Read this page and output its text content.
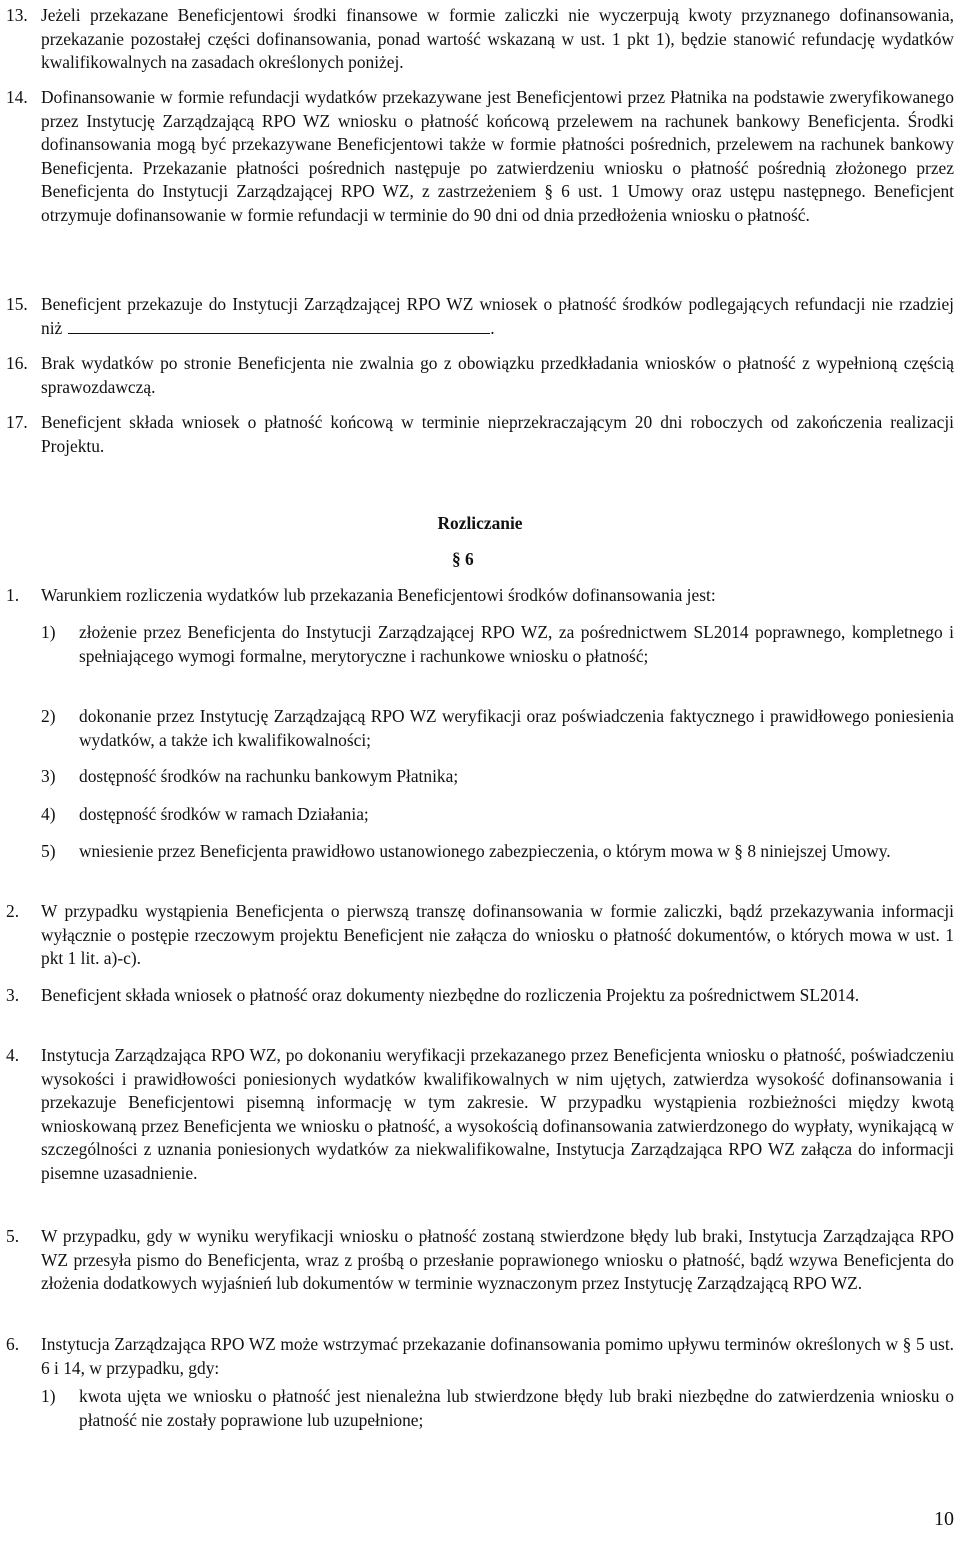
13. Jeżeli przekazane Beneficjentowi środki finansowe w formie zaliczki nie wyczerpują kwoty przyznanego dofinansowania, przekazanie pozostałej części dofinansowania, ponad wartość wskazaną w ust. 1 pkt 1), będzie stanowić refundację wydatków kwalifikowalnych na zasadach określonych poniżej.
14. Dofinansowanie w formie refundacji wydatków przekazywane jest Beneficjentowi przez Płatnika na podstawie zweryfikowanego przez Instytucję Zarządzającą RPO WZ wniosku o płatność końcową przelewem na rachunek bankowy Beneficjenta. Środki dofinansowania mogą być przekazywane Beneficjentowi także w formie płatności pośrednich, przelewem na rachunek bankowy Beneficjenta. Przekazanie płatności pośrednich następuje po zatwierdzeniu wniosku o płatność pośrednią złożonego przez Beneficjenta do Instytucji Zarządzającej RPO WZ, z zastrzeżeniem § 6 ust. 1 Umowy oraz ustępu następnego. Beneficjent otrzymuje dofinansowanie w formie refundacji w terminie do 90 dni od dnia przedłożenia wniosku o płatność.
15. Beneficjent przekazuje do Instytucji Zarządzającej RPO WZ wniosek o płatność środków podlegających refundacji nie rzadziej niż	.
16. Brak wydatków po stronie Beneficjenta nie zwalnia go z obowiązku przedkładania wniosków o płatność z wypełnioną częścią sprawozdawczą.
17. Beneficjent składa wniosek o płatność końcową w terminie nieprzekraczającym 20 dni roboczych od zakończenia realizacji Projektu.
Rozliczanie
§ 6
1. Warunkiem rozliczenia wydatków lub przekazania Beneficjentowi środków dofinansowania jest:
1) złożenie przez Beneficjenta do Instytucji Zarządzającej RPO WZ, za pośrednictwem SL2014 poprawnego, kompletnego i spełniającego wymogi formalne, merytoryczne i rachunkowe wniosku o płatność;
2) dokonanie przez Instytucję Zarządzającą RPO WZ weryfikacji oraz poświadczenia faktycznego i prawidłowego poniesienia wydatków, a także ich kwalifikowalności;
3) dostępność środków na rachunku bankowym Płatnika;
4) dostępność środków w ramach Działania;
5) wniesienie przez Beneficjenta prawidłowo ustanowionego zabezpieczenia, o którym mowa w § 8 niniejszej Umowy.
2. W przypadku wystąpienia Beneficjenta o pierwszą transzę dofinansowania w formie zaliczki, bądź przekazywania informacji wyłącznie o postępie rzeczowym projektu Beneficjent nie załącza do wniosku o płatność dokumentów, o których mowa w ust. 1 pkt 1 lit. a)-c).
3. Beneficjent składa wniosek o płatność oraz dokumenty niezbędne do rozliczenia Projektu za pośrednictwem SL2014.
4. Instytucja Zarządzająca RPO WZ, po dokonaniu weryfikacji przekazanego przez Beneficjenta wniosku o płatność, poświadczeniu wysokości i prawidłowości poniesionych wydatków kwalifikowalnych w nim ujętych, zatwierdza wysokość dofinansowania i przekazuje Beneficjentowi pisemną informację w tym zakresie. W przypadku wystąpienia rozbieżności między kwotą wnioskowaną przez Beneficjenta we wniosku o płatność, a wysokością dofinansowania zatwierdzonego do wypłaty, wynikającą w szczególności z uznania poniesionych wydatków za niekwalifikowalne, Instytucja Zarządzająca RPO WZ załącza do informacji pisemne uzasadnienie.
5. W przypadku, gdy w wyniku weryfikacji wniosku o płatność zostaną stwierdzone błędy lub braki, Instytucja Zarządzająca RPO WZ przesyła pismo do Beneficjenta, wraz z prośbą o przesłanie poprawionego wniosku o płatność, bądź wzywa Beneficjenta do złożenia dodatkowych wyjaśnień lub dokumentów w terminie wyznaczonym przez Instytucję Zarządzającą RPO WZ.
6. Instytucja Zarządzająca RPO WZ może wstrzymać przekazanie dofinansowania pomimo upływu terminów określonych w § 5 ust. 6 i 14, w przypadku, gdy:
1) kwota ujęta we wniosku o płatność jest nienależna lub stwierdzone błędy lub braki niezbędne do zatwierdzenia wniosku o płatność nie zostały poprawione lub uzupełnione;
10
